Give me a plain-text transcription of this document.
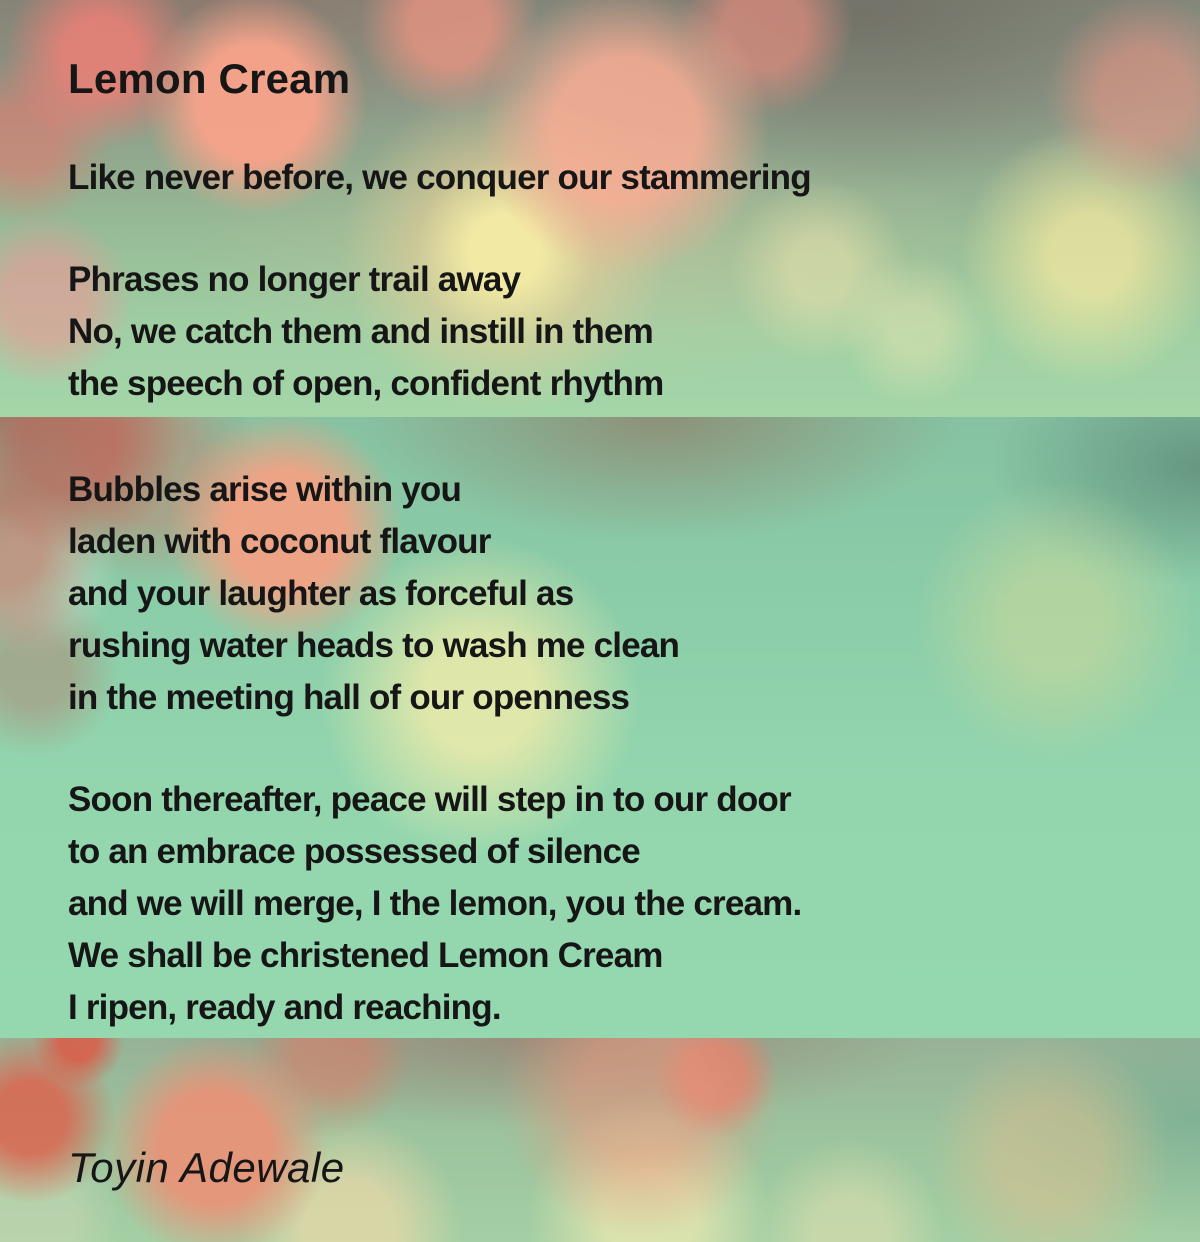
Lemon Cream
Like never before, we conquer our stammering
Phrases no longer trail away
No, we catch them and instill in them
the speech of open, confident rhythm
Bubbles arise within you
laden with coconut flavour
and your laughter as forceful as
rushing water heads to wash me clean
in the meeting hall of our openness
Soon thereafter, peace will step in to our door
to an embrace possessed of silence
and we will merge, I the lemon, you the cream.
We shall be christened Lemon Cream
I ripen, ready and reaching.
Toyin Adewale
